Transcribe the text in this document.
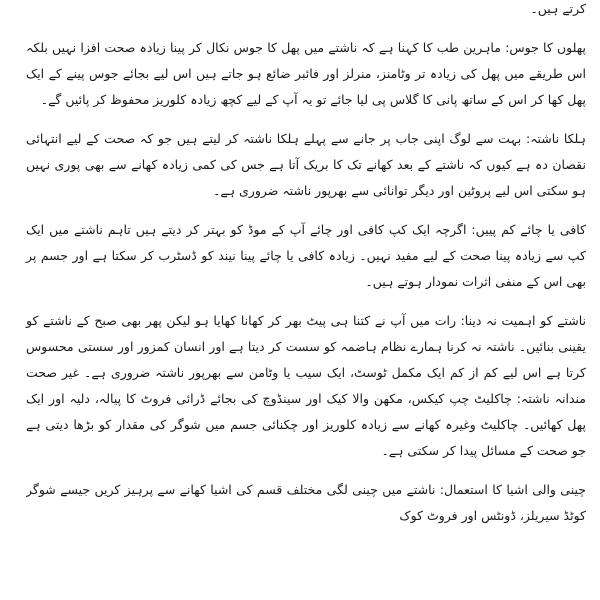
کرتے ہیں۔

پھلوں کا جوس: ماہرین طب کا کہنا ہے کہ ناشتے میں پھل کا جوس نکال کر پینا زیادہ صحت افزا نہیں بلکہ اس طریقے میں پھل کی زیادہ تر وٹامنز، منرلز اور فائبر ضائع ہو جاتے ہیں اس لیے بجائے جوس پینے کے ایک پھل کھا کر اس کے ساتھ پانی کا گلاس پی لیا جائے تو یہ آپ کے لیے کچھ زیادہ کلوریز محفوظ کر پائیں گے۔

ہلکا ناشتہ: بہت سے لوگ اپنی جاب پر جانے سے پہلے ہلکا ناشتہ کر لیتے ہیں جو کہ صحت کے لیے انتہائی نقصان دہ ہے کیوں کہ ناشتے کے بعد کھانے تک کا بریک آتا ہے جس کی کمی زیادہ کھانے سے بھی پوری نہیں ہو سکتی اس لیے پروٹین اور دیگر توانائی سے بھرپور ناشتہ ضروری ہے۔

کافی یا چائے کم پییں: اگرچہ ایک کپ کافی اور چائے آپ کے موڈ کو بہتر کر دیتے ہیں تاہم ناشتے میں ایک کپ سے زیادہ پینا صحت کے لیے مفید نہیں۔ زیادہ کافی یا چائے پینا نیند کو ڈسٹرب کر سکتا ہے اور جسم پر بھی اس کے منفی اثرات نمودار ہوتے ہیں۔

ناشتے کو اہمیت نہ دینا: رات میں آپ نے کتنا ہی پیٹ بھر کر کھانا کھایا ہو لیکن پھر بھی صبح کے ناشتے کو یقینی بنائیں۔ ناشتہ نہ کرنا ہمارے نظام ہاضمہ کو سست کر دیتا ہے اور انسان کمزور اور سستی محسوس کرتا ہے اس لیے کم از کم ایک مکمل ٹوسٹ، ایک سیب یا وٹامن سے بھرپور ناشتہ ضروری ہے۔ غیر صحت مندانہ ناشتہ: چاکلیٹ چپ کیکس، مکھن والا کیک اور سینڈوچ کی بجائے ڈرائی فروٹ کا پیالہ، دلیہ اور ایک پھل کھائیں۔ چاکلیٹ وغیرہ کھانے سے زیادہ کلوریز اور چکنائی جسم میں شوگر کی مقدار کو بڑھا دیتی ہے جو صحت کے مسائل پیدا کر سکتی ہے۔

چینی والی اشیا کا استعمال: ناشتے میں چینی لگی مختلف قسم کی اشیا کھانے سے پرہیز کریں جیسے شوگر کوٹڈ سیریلز، ڈونٹس اور فروٹ کوک
